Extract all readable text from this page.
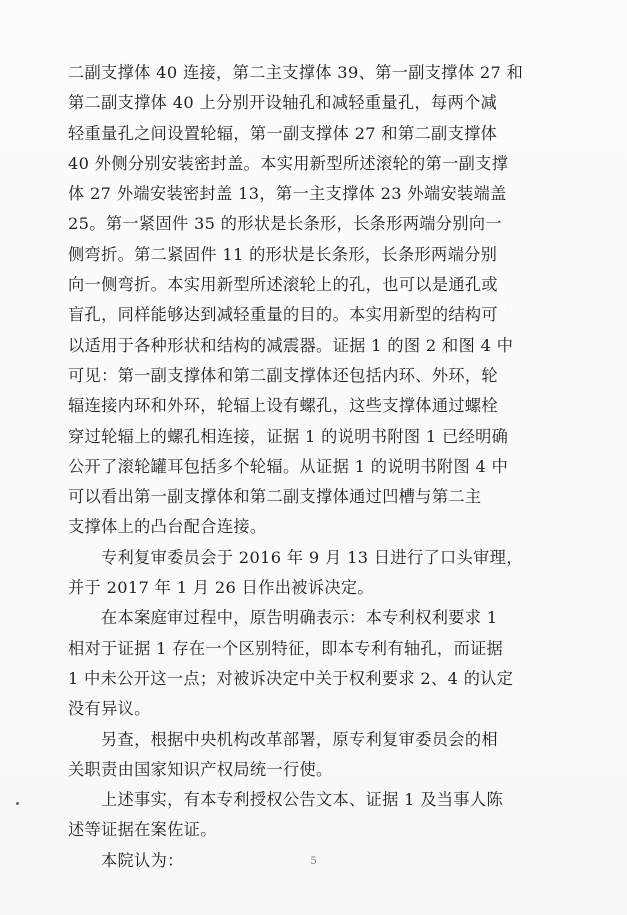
二副支撑体 40 连接，第二主支撑体 39、第一副支撑体 27 和
第二副支撑体 40 上分别开设轴孔和减轻重量孔，每两个减
轻重量孔之间设置轮辐，第一副支撑体 27 和第二副支撑体
40 外侧分别安装密封盖。本实用新型所述滚轮的第一副支撑
体 27 外端安装密封盖 13，第一主支撑体 23 外端安装端盖
25。第一紧固件 35 的形状是长条形，长条形两端分别向一
侧弯折。第二紧固件 11 的形状是长条形，长条形两端分别
向一侧弯折。本实用新型所述滚轮上的孔，也可以是通孔或
盲孔，同样能够达到减轻重量的目的。本实用新型的结构可
以适用于各种形状和结构的减震器。证据 1 的图 2 和图 4 中
可见：第一副支撑体和第二副支撑体还包括内环、外环，轮
辐连接内环和外环，轮辐上设有螺孔，这些支撑体通过螺栓
穿过轮辐上的螺孔相连接，证据 1 的说明书附图 1 已经明确
公开了滚轮罐耳包括多个轮辐。从证据 1 的说明书附图 4 中
可以看出第一副支撑体和第二副支撑体通过凹槽与第二主
支撑体上的凸台配合连接。
专利复审委员会于 2016 年 9 月 13 日进行了口头审理，
并于 2017 年 1 月 26 日作出被诉决定。
在本案庭审过程中，原告明确表示：本专利权利要求 1
相对于证据 1 存在一个区别特征，即本专利有轴孔，而证据
1 中未公开这一点；对被诉决定中关于权利要求 2、4 的认定
没有异议。
另查，根据中央机构改革部署，原专利复审委员会的相
关职责由国家知识产权局统一行使。
上述事实，有本专利授权公告文本、证据 1 及当事人陈
述等证据在案佐证。
本院认为：	5
